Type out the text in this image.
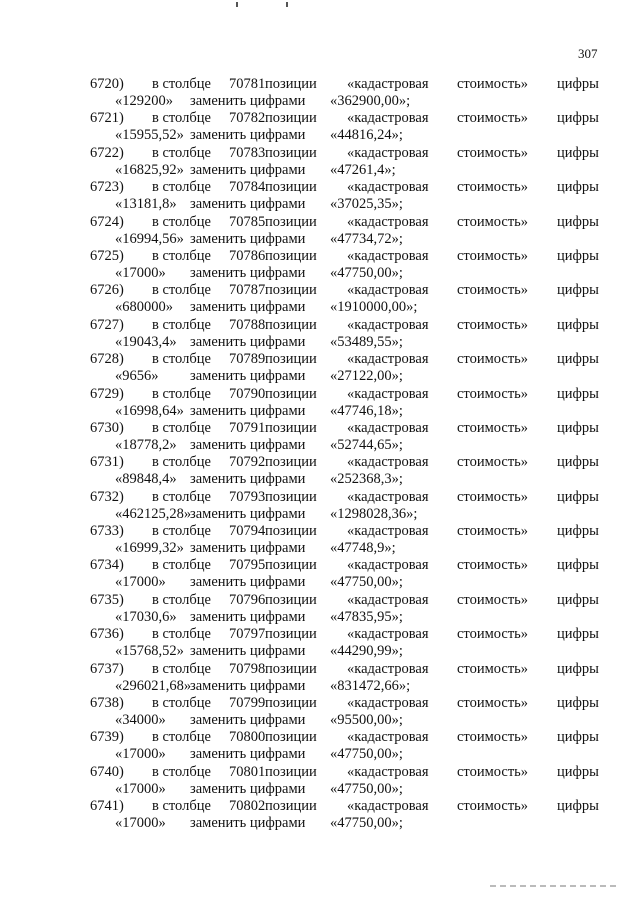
307
6720) в столбце 70781 позиции «кадастровая стоимость» цифры
«129200» заменить цифрами «362900,00»;
6721) в столбце 70782 позиции «кадастровая стоимость» цифры
«15955,52» заменить цифрами «44816,24»;
6722) в столбце 70783 позиции «кадастровая стоимость» цифры
«16825,92» заменить цифрами «47261,4»;
6723) в столбце 70784 позиции «кадастровая стоимость» цифры
«13181,8» заменить цифрами «37025,35»;
6724) в столбце 70785 позиции «кадастровая стоимость» цифры
«16994,56» заменить цифрами «47734,72»;
6725) в столбце 70786 позиции «кадастровая стоимость» цифры
«17000» заменить цифрами «47750,00»;
6726) в столбце 70787 позиции «кадастровая стоимость» цифры
«680000» заменить цифрами «1910000,00»;
6727) в столбце 70788 позиции «кадастровая стоимость» цифры
«19043,4» заменить цифрами «53489,55»;
6728) в столбце 70789 позиции «кадастровая стоимость» цифры
«9656» заменить цифрами «27122,00»;
6729) в столбце 70790 позиции «кадастровая стоимость» цифры
«16998,64» заменить цифрами «47746,18»;
6730) в столбце 70791 позиции «кадастровая стоимость» цифры
«18778,2» заменить цифрами «52744,65»;
6731) в столбце 70792 позиции «кадастровая стоимость» цифры
«89848,4» заменить цифрами «252368,3»;
6732) в столбце 70793 позиции «кадастровая стоимость» цифры
«462125,28»
заменить цифрами «1298028,36»;
6733) в столбце 70794 позиции «кадастровая стоимость» цифры
«16999,32» заменить цифрами «47748,9»;
6734) в столбце 70795 позиции «кадастровая стоимость» цифры
«17000» заменить цифрами «47750,00»;
6735) в столбце 70796 позиции «кадастровая стоимость» цифры
«17030,6» заменить цифрами «47835,95»;
6736) в столбце 70797 позиции «кадастровая стоимость» цифры
«15768,52» заменить цифрами «44290,99»;
6737) в столбце 70798 позиции «кадастровая стоимость» цифры
«296021,68»
заменить цифрами «831472,66»;
6738) в столбце 70799 позиции «кадастровая стоимость» цифры
«34000» заменить цифрами «95500,00»;
6739) в столбце 70800 позиции «кадастровая стоимость» цифры
«17000» заменить цифрами «47750,00»;
6740) в столбце 70801 позиции «кадастровая стоимость» цифры
«17000» заменить цифрами «47750,00»;
6741) в столбце 70802 позиции «кадастровая стоимость» цифры
«17000» заменить цифрами «47750,00»;
